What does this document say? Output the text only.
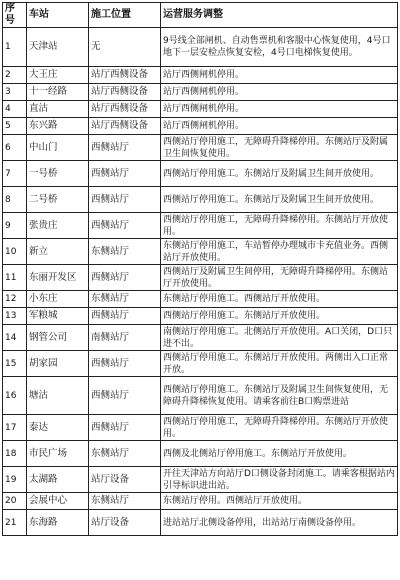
序号	车站	施工位置	运营服务调整
1	天津站	无	9号线全部闸机、自动售票机和客服中心恢复使用，4号口地下一层安检点恢复安检，4号口电梯恢复使用。
2	大王庄	站厅西侧设备	站厅西侧闸机停用。
3	十一经路	站厅西侧设备	站厅西侧闸机停用。
4	直沽	站厅西侧设备	站厅西侧闸机停用。
5	东兴路	站厅西侧设备	站厅西侧闸机停用。
6	中山门	西侧站厅	西侧站厅停用施工，无障碍升降梯停用。东侧站厅及附属卫生间恢复使用。
7	一号桥	西侧站厅	西侧站厅停用施工。东侧站厅及附属卫生间开放使用。
8	二号桥	西侧站厅	西侧站厅停用施工。东侧站厅及附属卫生间开放使用。
9	张贵庄	西侧站厅	西侧站厅停用施工，无障碍升降梯停用。东侧站厅开放使用。
10	新立	东侧站厅	东侧站厅停用施工，车站暂停办理城市卡充值业务。西侧站厅开放使用。
11	东丽开发区	西侧站厅	西侧站厅及附属卫生间停用，无障碍升降梯停用。东侧站厅开放使用。
12	小东庄	东侧站厅	东侧站厅停用施工。西侧站厅开放使用。
13	军粮城	西侧站厅	西侧站厅停用施工。东侧站厅开放使用。
14	钢管公司	南侧站厅	南侧站厅停用施工。北侧站厅开放使用。A口关闭，D口只进不出。
15	胡家园	西侧站厅	西侧站厅停用施工。东侧站厅开放使用。两侧出入口正常开放。
16	塘沽	西侧站厅	西侧站厅停用施工。东侧站厅及附属卫生间恢复使用，无障碍升降梯恢复使用。请乘客前往B口购票进站
17	泰达	西侧站厅	西侧站厅停用施工，无障碍升降梯停用。东侧站厅开放使用。
18	市民广场	东侧站厅	西侧及北侧站厅停用施工。东侧站厅开放使用。
19	太湖路	站厅设备	开往天津站方向站厅D口侧设备封闭施工。请乘客根据站内引导标识进出站。
20	会展中心	东侧站厅	东侧站厅停用。西侧站厅开放使用。
21	东海路	站厅设备	进站站厅北侧设备停用，出站站厅南侧设备停用。
